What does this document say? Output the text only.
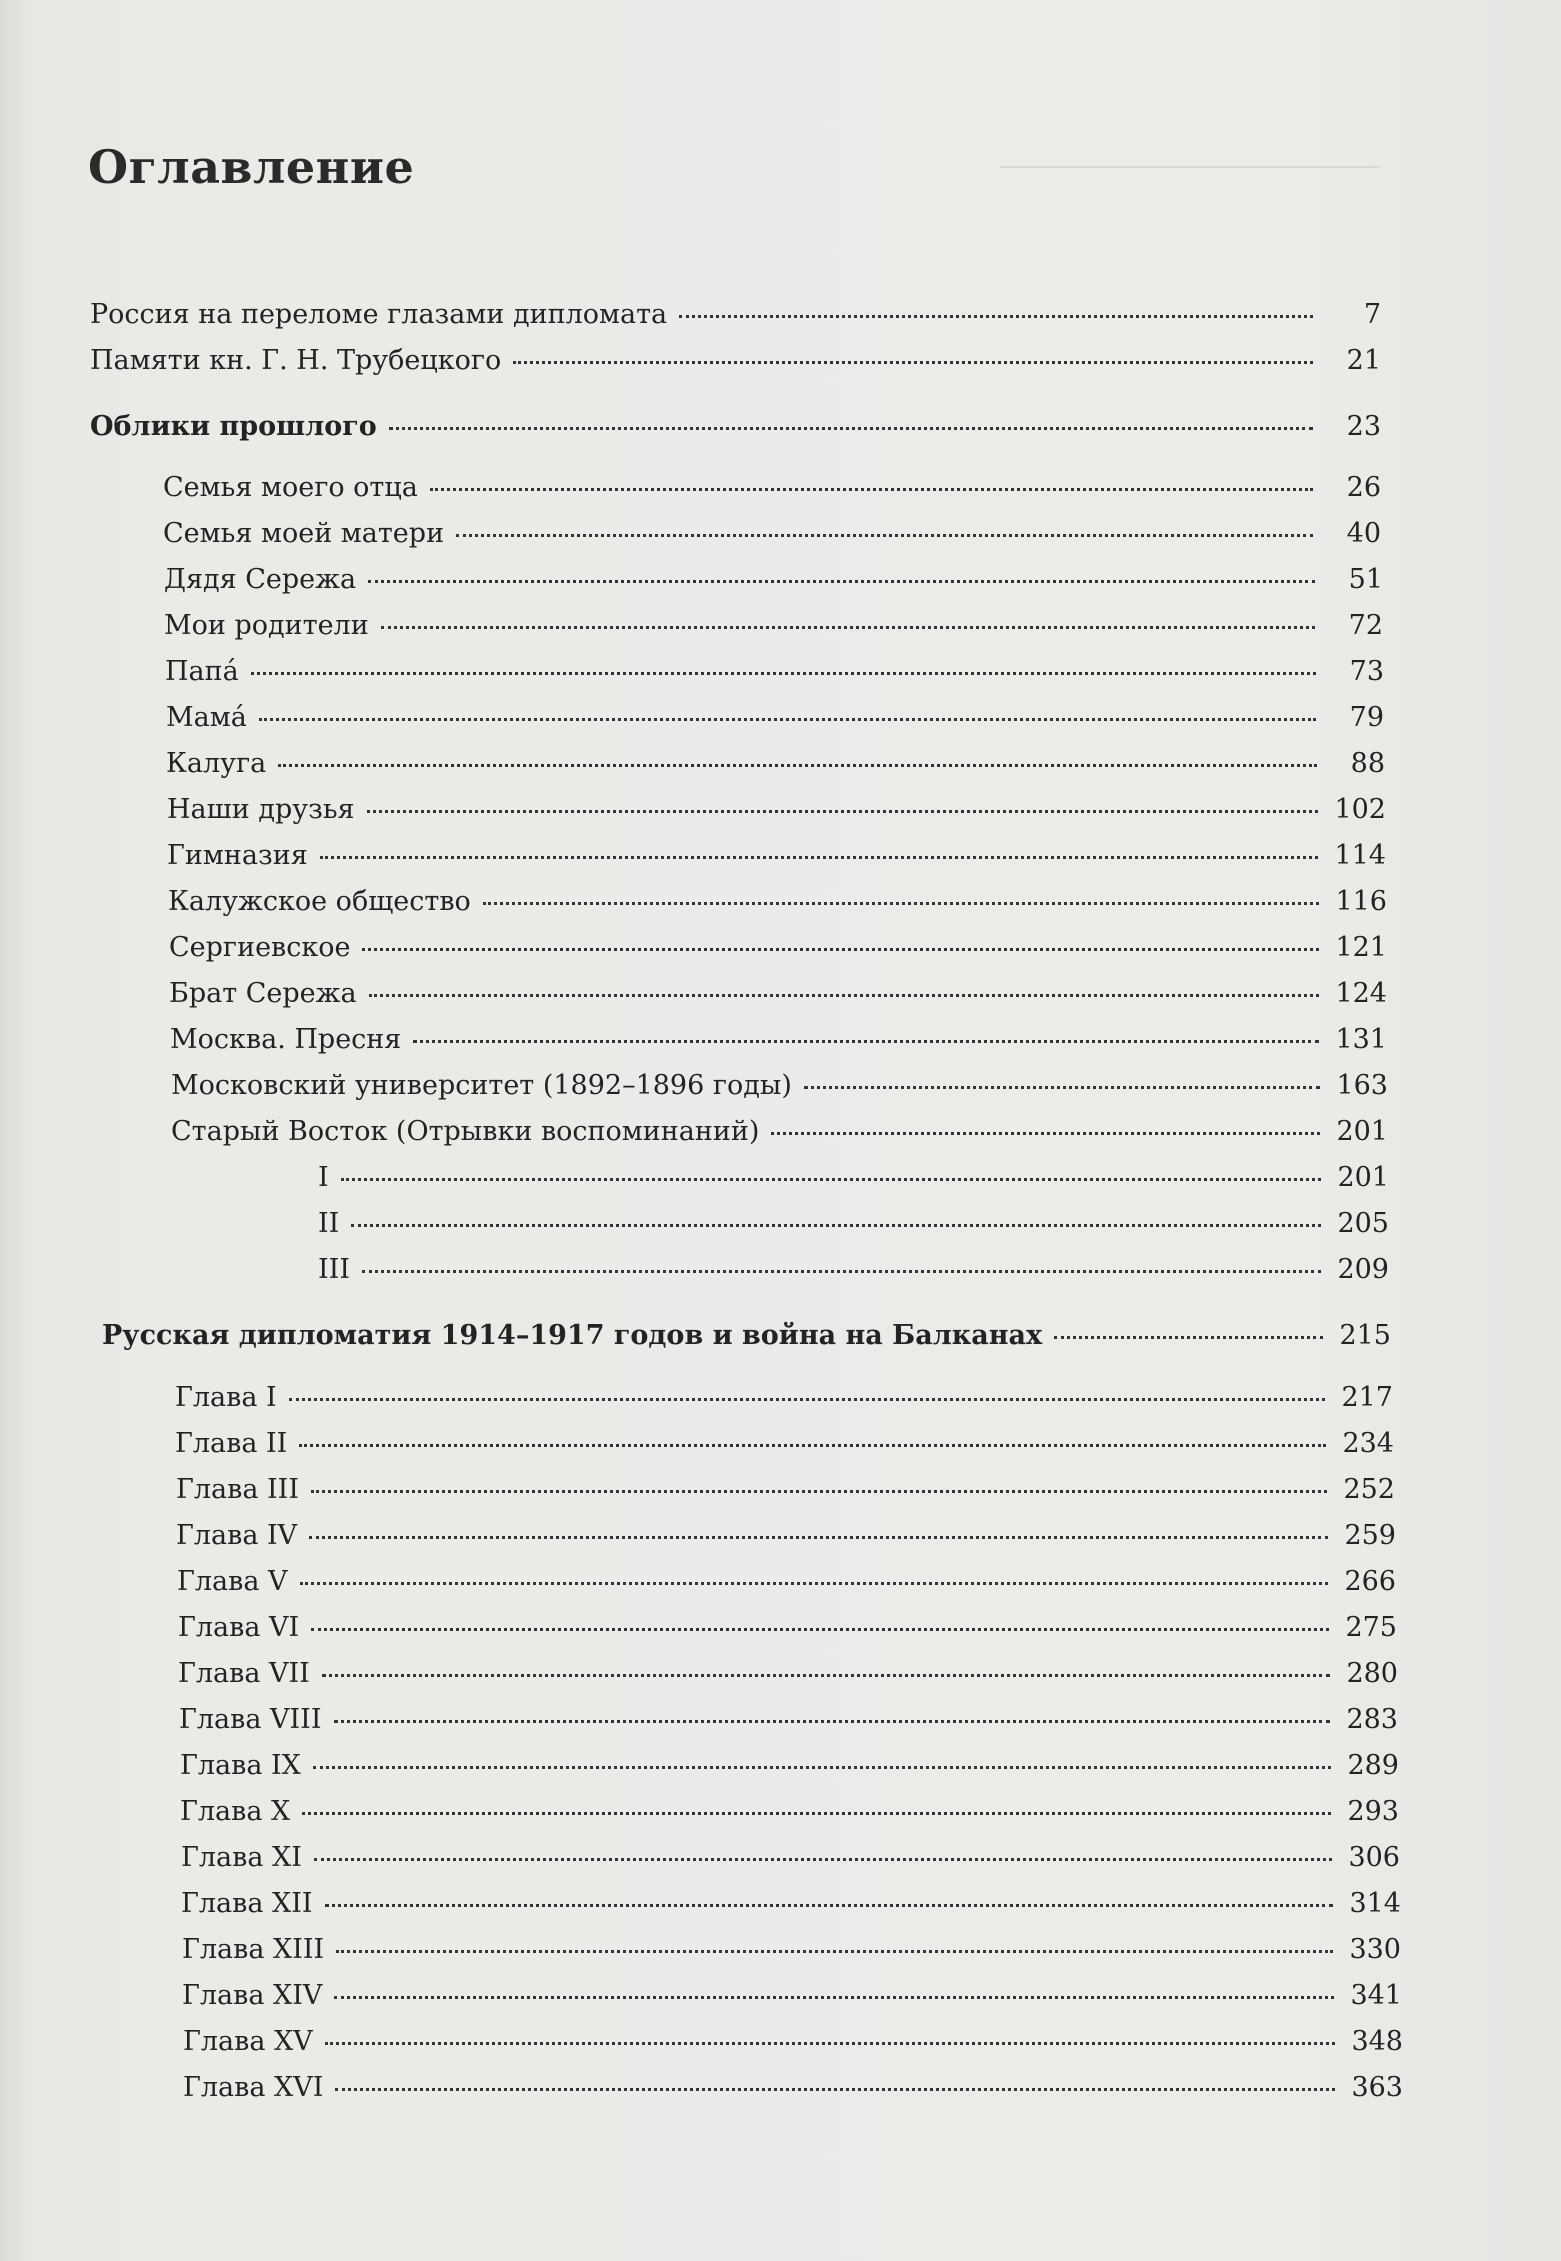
Оглавление
Россия на переломе глазами дипломата	7
Памяти кн. Г. Н. Трубецкого	21
Облики прошлого	23
Семья моего отца	26
Семья моей матери	40
Дядя Сережа	51
Мои родители	72
Папа́	73
Мама́	79
Калуга	88
Наши друзья	102
Гимназия	114
Калужское общество	116
Сергиевское	121
Брат Сережа	124
Москва. Пресня	131
Московский университет (1892–1896 годы)	163
Старый Восток (Отрывки воспоминаний)	201
I	201
II	205
III	209
Русская дипломатия 1914–1917 годов и война на Балканах	215
Глава I	217
Глава II	234
Глава III	252
Глава IV	259
Глава V	266
Глава VI	275
Глава VII	280
Глава VIII	283
Глава IX	289
Глава X	293
Глава XI	306
Глава XII	314
Глава XIII	330
Глава XIV	341
Глава XV	348
Глава XVI	363
